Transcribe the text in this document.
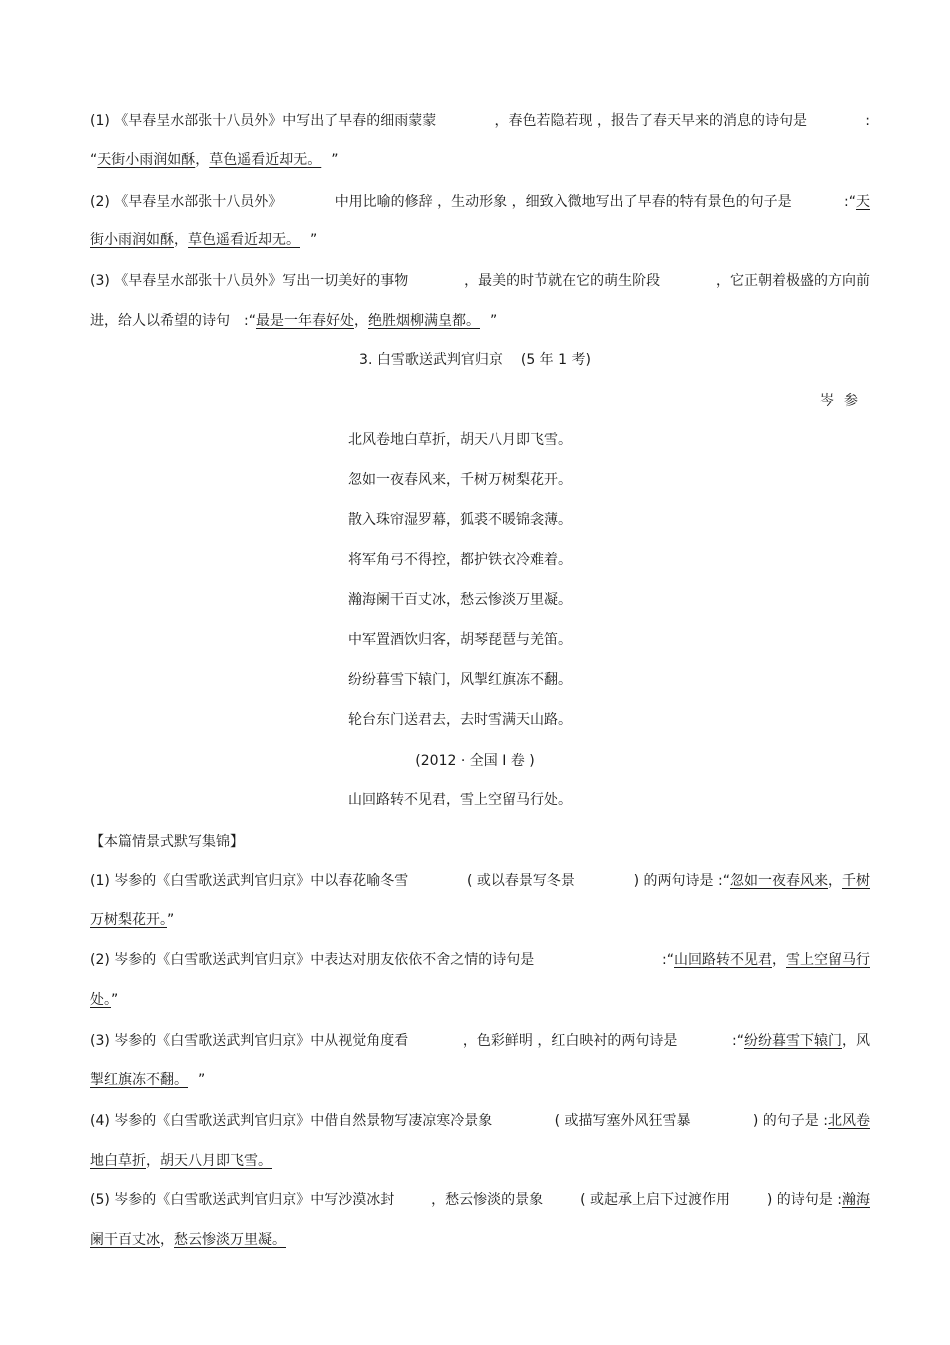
(1) 《早春呈水部张十八员外》中写出了早春的细雨蒙蒙	，春色若隐若现 ，报告了春天早来的消息的诗句是	:
“天街小雨润如酥，草色遥看近却无。 ”
(2) 《早春呈水部张十八员外》	中用比喻的修辞 ，生动形象 ，细致入微地写出了早春的特有景色的句子是	:“天
街小雨润如酥，草色遥看近却无。 ”
(3) 《早春呈水部张十八员外》写出一切美好的事物	，最美的时节就在它的萌生阶段	，它正朝着极盛的方向前
进，给人以希望的诗句 :“最是一年春好处，绝胜烟柳满皇都。 ”
3. 白雪歌送武判官归京 (5 年 1 考)
岑参
北风卷地白草折，胡天八月即飞雪。
忽如一夜春风来，千树万树梨花开。
散入珠帘湿罗幕，狐裘不暖锦衾薄。
将军角弓不得控，都护铁衣冷难着。
瀚海阑干百丈冰，愁云惨淡万里凝。
中军置酒饮归客，胡琴琵琶与羌笛。
纷纷暮雪下辕门，风掣红旗冻不翻。
轮台东门送君去，去时雪满天山路。
(2012 · 全国 I 卷 )
山回路转不见君，雪上空留马行处。
【本篇情景式默写集锦】
(1) 岑参的《白雪歌送武判官归京》中以春花喻冬雪	( 或以春景写冬景	) 的两句诗是 :“忽如一夜春风来，千树
万树梨花开。”
(2) 岑参的《白雪歌送武判官归京》中表达对朋友依依不舍之情的诗句是	:“山回路转不见君，雪上空留马行
处。”
(3) 岑参的《白雪歌送武判官归京》中从视觉角度看	，色彩鲜明 ，红白映衬的两句诗是	:“纷纷暮雪下辕门，风
掣红旗冻不翻。 ”
(4) 岑参的《白雪歌送武判官归京》中借自然景物写凄凉寒冷景象	( 或描写塞外风狂雪暴	) 的句子是 :北风卷
地白草折，胡天八月即飞雪。
(5) 岑参的《白雪歌送武判官归京》中写沙漠冰封	，愁云惨淡的景象	( 或起承上启下过渡作用	) 的诗句是 :瀚海
阑干百丈冰，愁云惨淡万里凝。
